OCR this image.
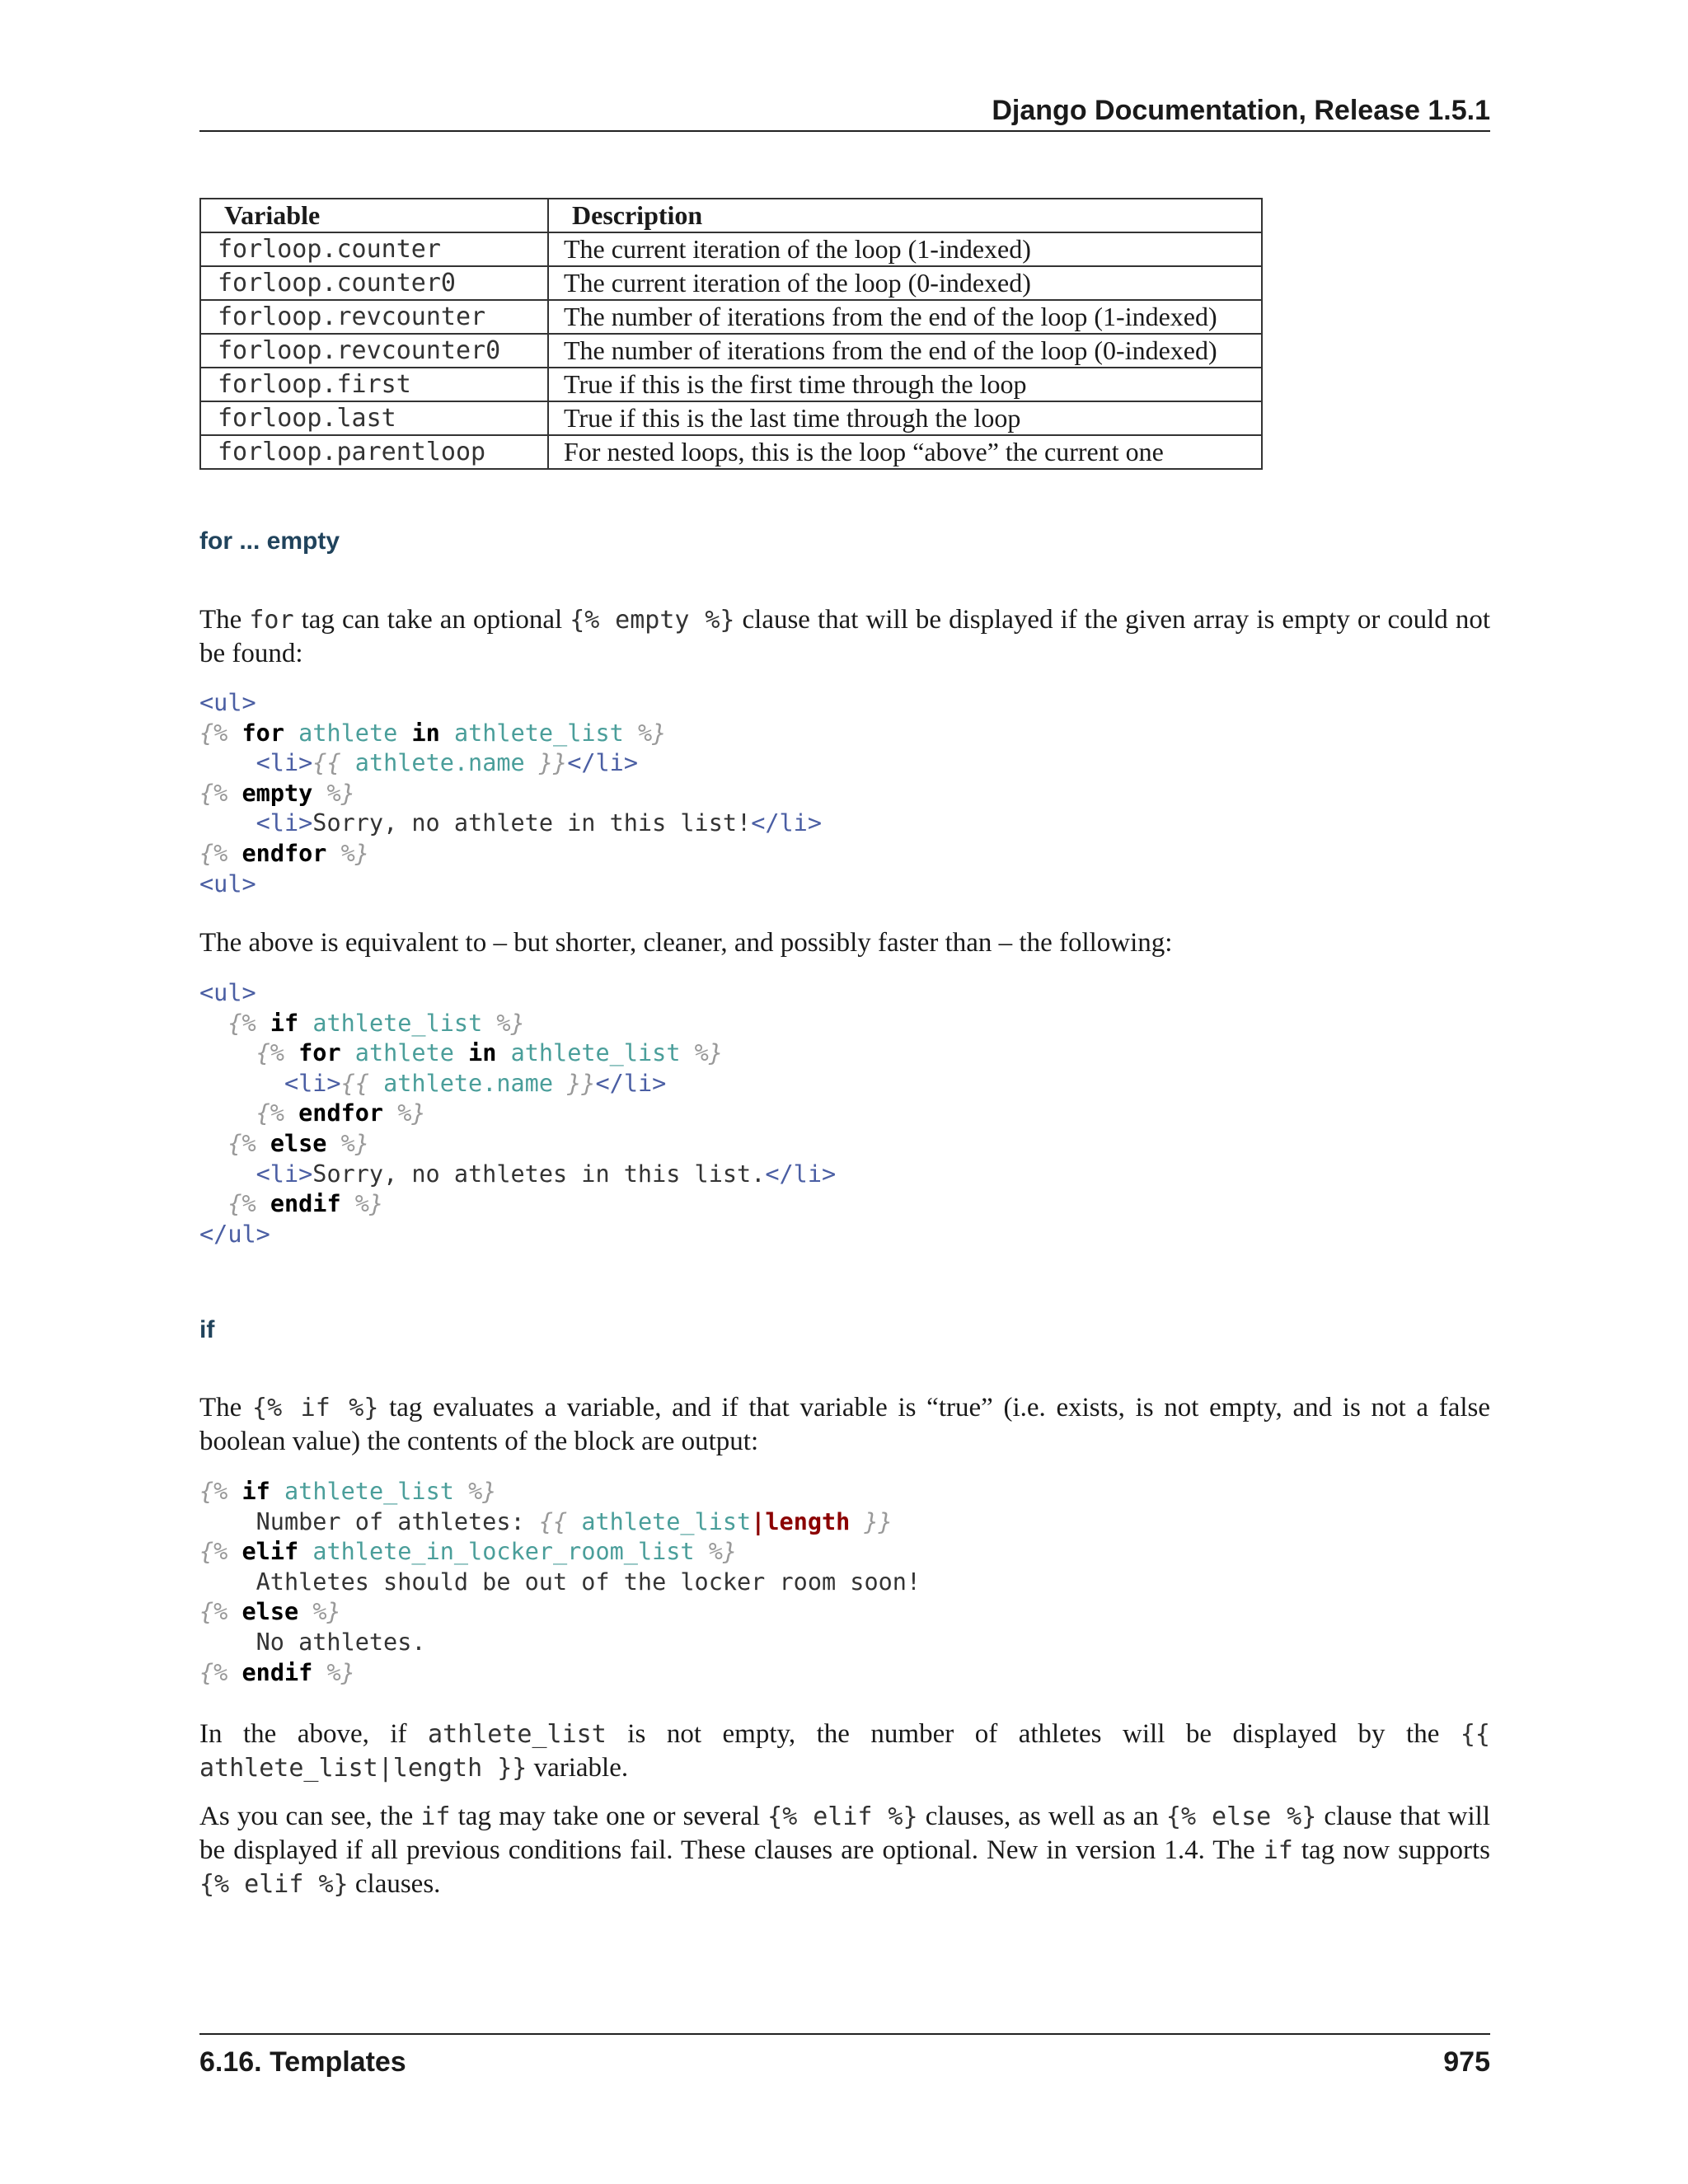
Django Documentation, Release 1.5.1
Variable	Description
forloop.counter	The current iteration of the loop (1-indexed)
forloop.counter0	The current iteration of the loop (0-indexed)
forloop.revcounter	The number of iterations from the end of the loop (1-indexed)
forloop.revcounter0	The number of iterations from the end of the loop (0-indexed)
forloop.first	True if this is the first time through the loop
forloop.last	True if this is the last time through the loop
forloop.parentloop	For nested loops, this is the loop “above” the current one
for ... empty

The for tag can take an optional {% empty %} clause that will be displayed if the given array is empty or could not be found:

<ul>
{% for athlete in athlete_list %}
<li>{{ athlete.name }}</li>
{% empty %}
<li>Sorry, no athlete in this list!</li>
{% endfor %}
<ul>

The above is equivalent to – but shorter, cleaner, and possibly faster than – the following:

<ul>
{% if athlete_list %}
{% for athlete in athlete_list %}
<li>{{ athlete.name }}</li>
{% endfor %}
{% else %}
<li>Sorry, no athletes in this list.</li>
{% endif %}
</ul>
if

The {% if %} tag evaluates a variable, and if that variable is “true” (i.e. exists, is not empty, and is not a false boolean value) the contents of the block are output:

{% if athlete_list %}
Number of athletes: {{ athlete_list|length }}
{% elif athlete_in_locker_room_list %}
Athletes should be out of the locker room soon!
{% else %}
No athletes.
{% endif %}

In the above, if athlete_list is not empty, the number of athletes will be displayed by the {{ athlete_list|length }} variable.

As you can see, the if tag may take one or several {% elif %} clauses, as well as an {% else %} clause that will be displayed if all previous conditions fail. These clauses are optional. New in version 1.4. The if tag now supports {% elif %} clauses.

6.16. Templates	975
